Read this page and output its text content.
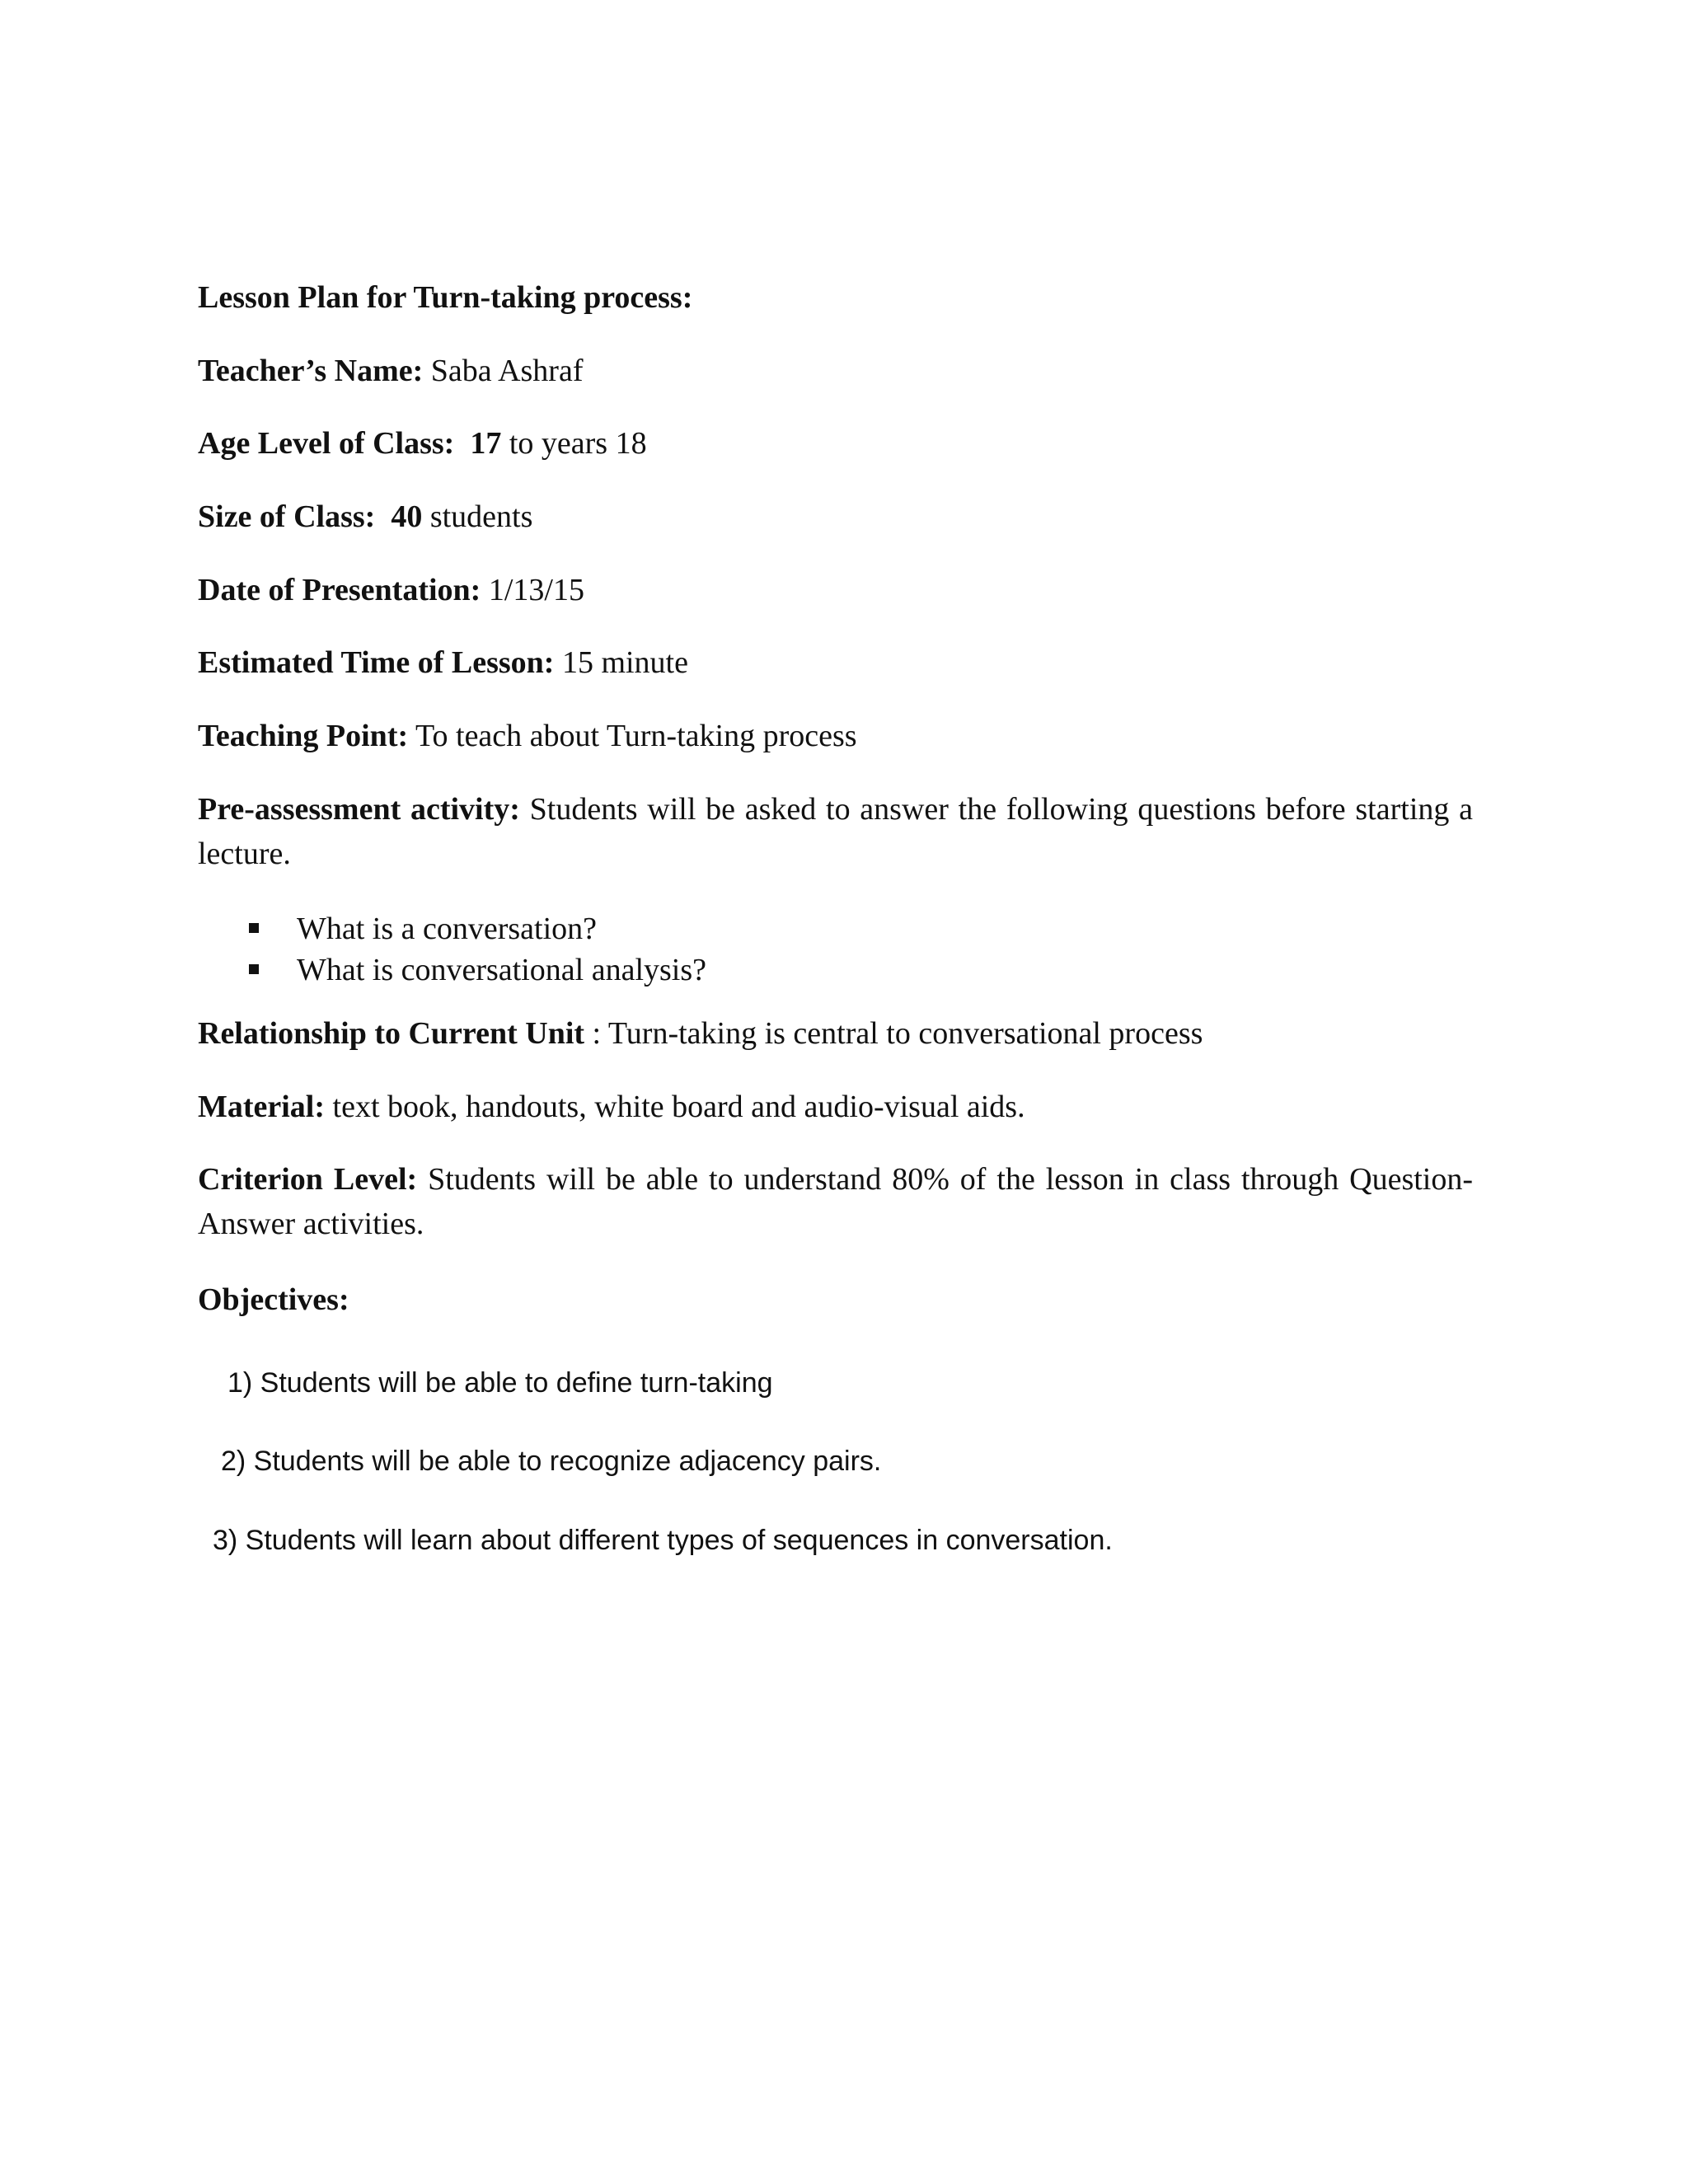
Lesson Plan for Turn-taking process:
Teacher’s Name: Saba Ashraf
Age Level of Class: 17 to years 18
Size of Class: 40 students
Date of Presentation: 1/13/15
Estimated Time of Lesson: 15 minute
Teaching Point: To teach about Turn-taking process
Pre-assessment activity: Students will be asked to answer the following questions before starting a lecture.
What is a conversation?
What is conversational analysis?
Relationship to Current Unit : Turn-taking is central to conversational process
Material: text book, handouts, white board and audio-visual aids.
Criterion Level: Students will be able to understand 80% of the lesson in class through Question-Answer activities.
Objectives:
1) Students will be able to define turn-taking
2) Students will be able to recognize adjacency pairs.
3) Students will learn about different types of sequences in conversation.
